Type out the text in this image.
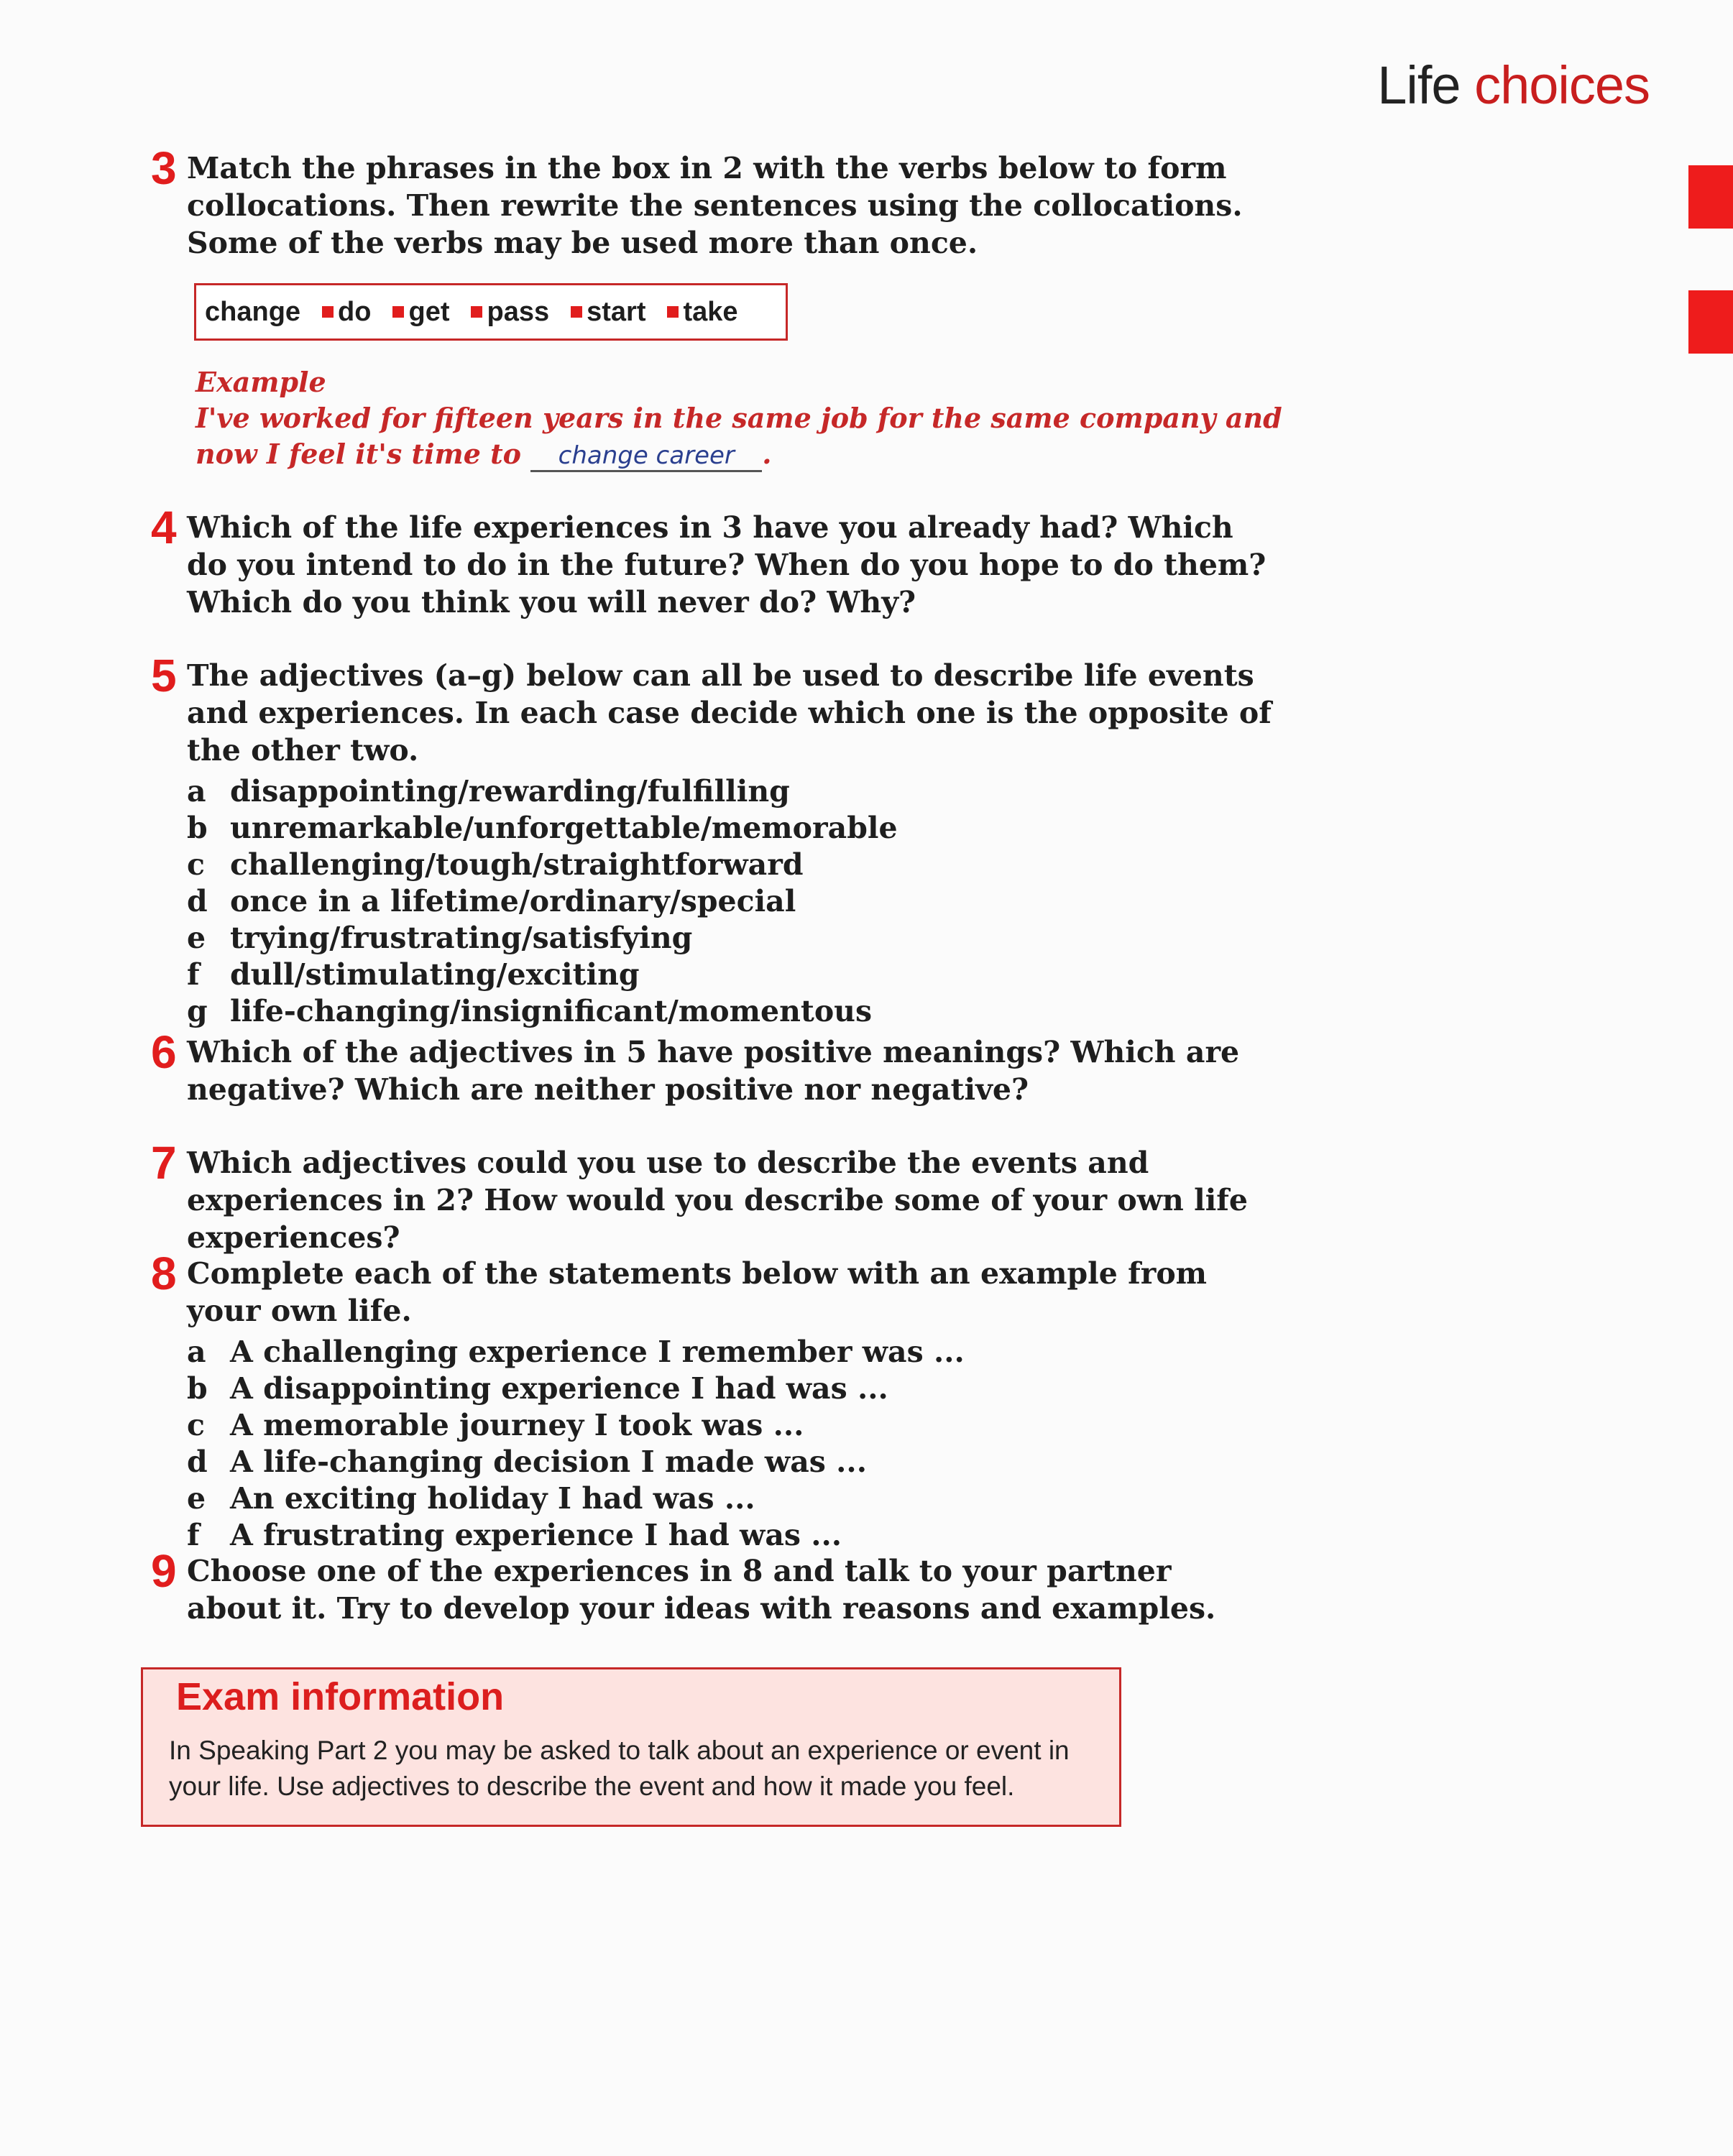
Life choices
3 Match the phrases in the box in 2 with the verbs below to form collocations. Then rewrite the sentences using the collocations. Some of the verbs may be used more than once.
change do get pass start take
Example
I've worked for fifteen years in the same job for the same company and now I feel it's time to change career .
4 Which of the life experiences in 3 have you already had? Which do you intend to do in the future? When do you hope to do them? Which do you think you will never do? Why?
5 The adjectives (a–g) below can all be used to describe life events and experiences. In each case decide which one is the opposite of the other two.
a disappointing/rewarding/fulfilling
b unremarkable/unforgettable/memorable
c challenging/tough/straightforward
d once in a lifetime/ordinary/special
e trying/frustrating/satisfying
f	dull/stimulating/exciting
g life-changing/insignificant/momentous
6 Which of the adjectives in 5 have positive meanings? Which are negative? Which are neither positive nor negative?
7 Which adjectives could you use to describe the events and experiences in 2? How would you describe some of your own life experiences?
8 Complete each of the statements below with an example from your own life.
a A challenging experience I remember was ...
b A disappointing experience I had was ...
c A memorable journey I took was ...
d A life-changing decision I made was ...
e An exciting holiday I had was ...
f	A frustrating experience I had was ...
9 Choose one of the experiences in 8 and talk to your partner about it. Try to develop your ideas with reasons and examples.
Exam information
In Speaking Part 2 you may be asked to talk about an experience or event in your life. Use adjectives to describe the event and how it made you feel.
